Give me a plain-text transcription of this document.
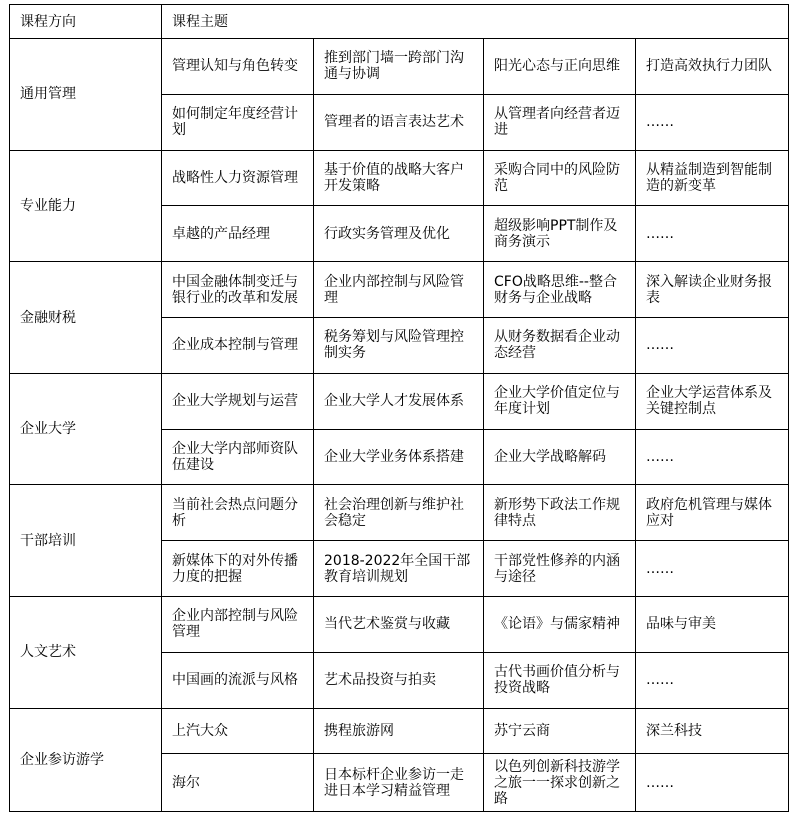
课程方向	课程主题			
通用管理	管理认知与角色转变	推到部门墙一跨部门沟通与协调	阳光心态与正向思维	打造高效执行力团队
	如何制定年度经营计划	管理者的语言表达艺术	从管理者向经营者迈进	……
专业能力	战略性人力资源管理	基于价值的战略大客户开发策略	采购合同中的风险防范	从精益制造到智能制造的新变革
	卓越的产品经理	行政实务管理及优化	超级影响PPT制作及商务演示	……
金融财税	中国金融体制变迁与银行业的改革和发展	企业内部控制与风险管理	CFO战略思维--整合财务与企业战略	深入解读企业财务报表
	企业成本控制与管理	税务筹划与风险管理控制实务	从财务数据看企业动态经营	……
企业大学	企业大学规划与运营	企业大学人才发展体系	企业大学价值定位与年度计划	企业大学运营体系及关键控制点
	企业大学内部师资队伍建设	企业大学业务体系搭建	企业大学战略解码	……
干部培训	当前社会热点问题分析	社会治理创新与维护社会稳定	新形势下政法工作规律特点	政府危机管理与媒体应对
	新媒体下的对外传播力度的把握	2018-2022年全国干部教育培训规划	干部党性修养的内涵与途径	……
人文艺术	企业内部控制与风险管理	当代艺术鉴赏与收藏	《论语》与儒家精神	品味与审美
	中国画的流派与风格	艺术品投资与拍卖	古代书画价值分析与投资战略	……
企业参访游学	上汽大众	携程旅游网	苏宁云商	深兰科技
	海尔	日本标杆企业参访一走进日本学习精益管理	以色列创新科技游学之旅一一探求创新之路	……
